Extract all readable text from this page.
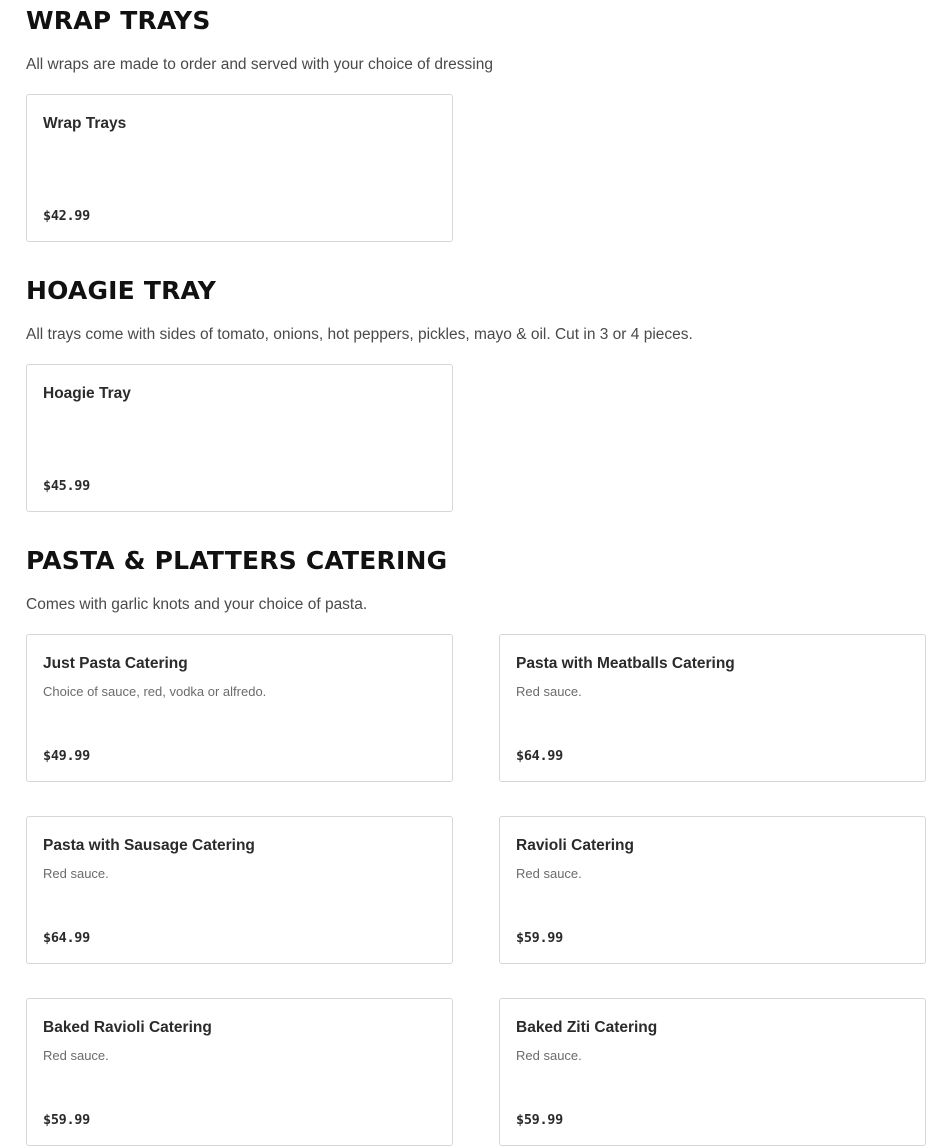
WRAP TRAYS

All wraps are made to order and served with your choice of dressing

Wrap Trays
$42.99
HOAGIE TRAY

All trays come with sides of tomato, onions, hot peppers, pickles, mayo & oil. Cut in 3 or 4 pieces.

Hoagie Tray
$45.99
PASTA & PLATTERS CATERING

Comes with garlic knots and your choice of pasta.

Just Pasta Catering
Choice of sauce, red, vodka or alfredo.
$49.99
Pasta with Meatballs Catering
Red sauce.
$64.99
Pasta with Sausage Catering
Red sauce.
$64.99
Ravioli Catering
Red sauce.
$59.99
Baked Ravioli Catering
Red sauce.
$59.99
Baked Ziti Catering
Red sauce.
$59.99
